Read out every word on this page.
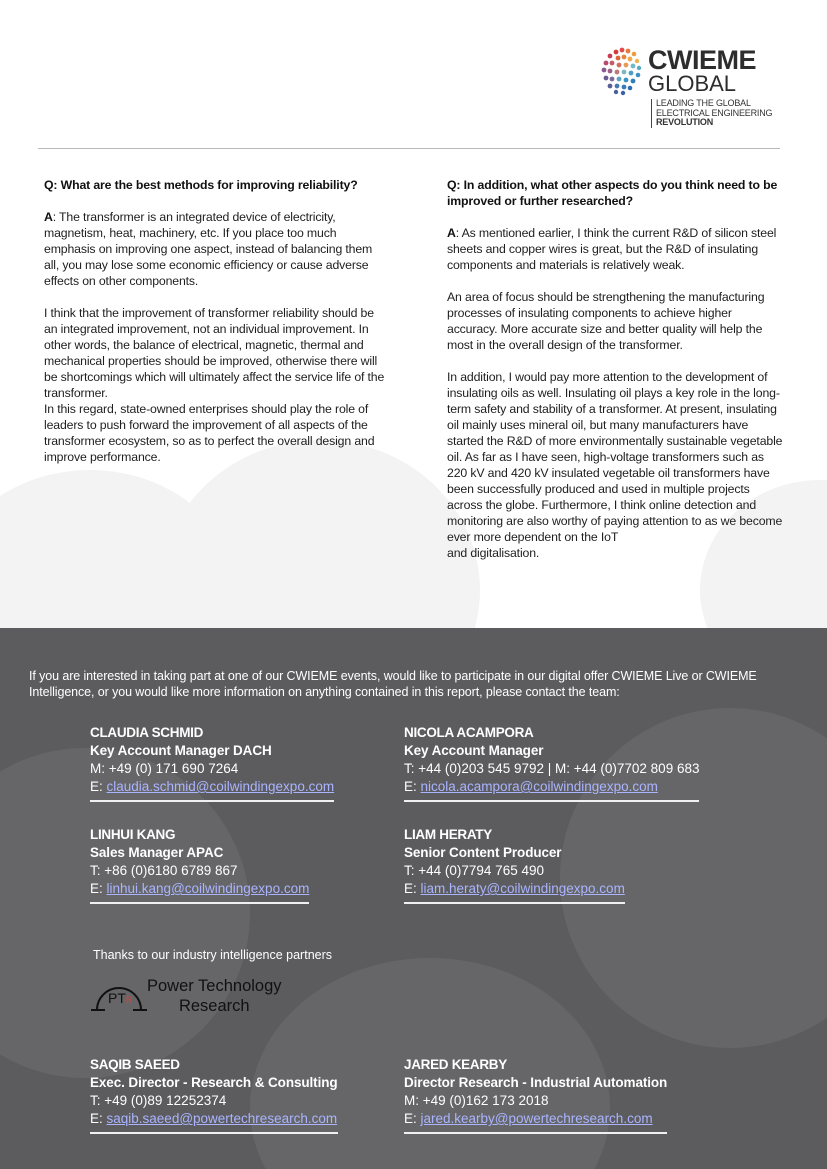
CWIEME
GLOBAL
LEADING THE GLOBAL
ELECTRICAL ENGINEERING
REVOLUTION

Q: What are the best methods for improving reliability?

A: The transformer is an integrated device of electricity, magnetism, heat, machinery, etc. If you place too much emphasis on improving one aspect, instead of balancing them all, you may lose some economic efficiency or cause adverse effects on other components.

I think that the improvement of transformer reliability should be an integrated improvement, not an individual improvement. In other words, the balance of electrical, magnetic, thermal and mechanical properties should be improved, otherwise there will be shortcomings which will ultimately affect the service life of the transformer.

In this regard, state-owned enterprises should play the role of leaders to push forward the improvement of all aspects of the transformer ecosystem, so as to perfect the overall design and improve performance.

Q: In addition, what other aspects do you think need to be improved or further researched?

A: As mentioned earlier, I think the current R&D of silicon steel sheets and copper wires is great, but the R&D of insulating components and materials is relatively weak.

An area of focus should be strengthening the manufacturing processes of insulating components to achieve higher accuracy. More accurate size and better quality will help the most in the overall design of the transformer.

In addition, I would pay more attention to the development of insulating oils as well. Insulating oil plays a key role in the long-term safety and stability of a transformer. At present, insulating oil mainly uses mineral oil, but many manufacturers have started the R&D of more environmentally sustainable vegetable oil. As far as I have seen, high-voltage transformers such as 220 kV and 420 kV insulated vegetable oil transformers have been successfully produced and used in multiple projects across the globe. Furthermore, I think online detection and monitoring are also worthy of paying attention to as we become ever more dependent on the IoT

and digitalisation.

If you are interested in taking part at one of our CWIEME events, would like to participate in our digital offer CWIEME Live or CWIEME Intelligence, or you would like more information on anything contained in this report, please contact the team:
CLAUDIA SCHMID
Key Account Manager DACH
M: +49 (0) 171 690 7264
E: claudia.schmid@coilwindingexpo.com
NICOLA ACAMPORA
Key Account Manager
T: +44 (0)203 545 9792 | M: +44 (0)7702 809 683
E: nicola.acampora@coilwindingexpo.com
LINHUI KANG
Sales Manager APAC
T: +86 (0)6180 6789 867
E: linhui.kang@coilwindingexpo.com
LIAM HERATY
Senior Content Producer
T: +44 (0)7794 765 490
E: liam.heraty@coilwindingexpo.com
Thanks to our industry intelligence partners
PTR
Power Technology
Research
SAQIB SAEED
Exec. Director - Research & Consulting
T: +49 (0)89 12252374
E: saqib.saeed@powertechresearch.com
JARED KEARBY
Director Research - Industrial Automation
M: +49 (0)162 173 2018
E: jared.kearby@powertechresearch.com
